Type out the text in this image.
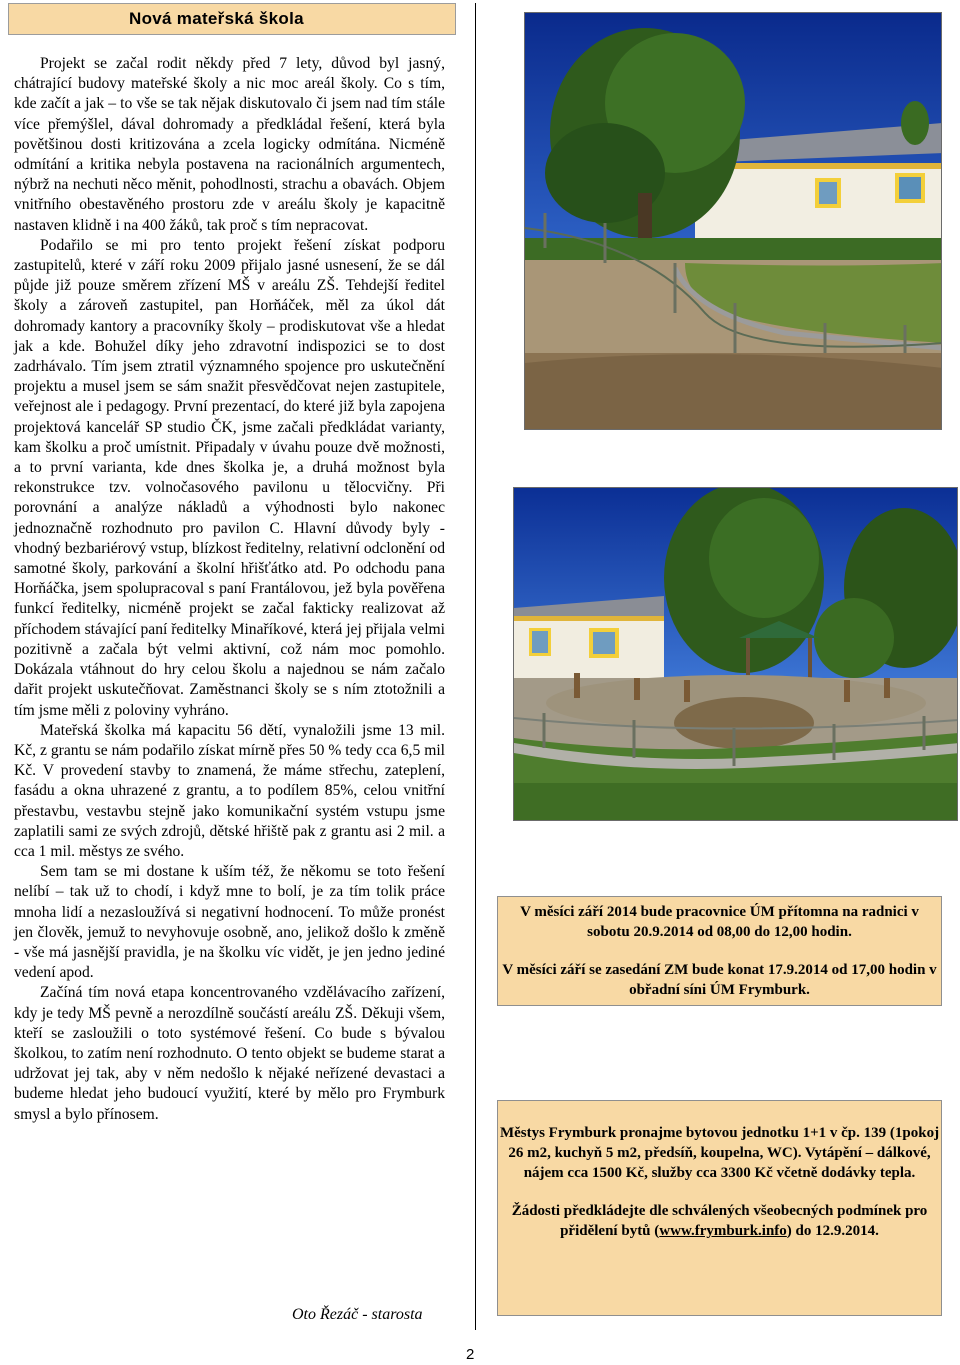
Nová mateřská škola

Projekt se začal rodit někdy před 7 lety, důvod byl jasný, chátrající budovy mateřské školy a nic moc areál školy. Co s tím, kde začít a jak – to vše se tak nějak diskutovalo či jsem nad tím stále více přemýšlel, dával dohromady a předkládal řešení, která byla povětšinou dosti kritizována a zcela logicky odmítána. Nicméně odmítání a kritika nebyla postavena na racionálních argumentech, nýbrž na nechuti něco měnit, pohodlnosti, strachu a obavách. Objem vnitřního obestavěného prostoru zde v areálu školy je kapacitně nastaven klidně i na 400 žáků, tak proč s tím nepracovat.

Podařilo se mi pro tento projekt řešení získat podporu zastupitelů, které v září roku 2009 přijalo jasné usnesení, že se dál půjde již pouze směrem zřízení MŠ v areálu ZŠ. Tehdejší ředitel školy a zároveň zastupitel, pan Horňáček, měl za úkol dát dohromady kantory a pracovníky školy – prodiskutovat vše a hledat jak a kde. Bohužel díky jeho zdravotní indispozici se to dost zadrhávalo. Tím jsem ztratil významného spojence pro uskutečnění projektu a musel jsem se sám snažit přesvědčovat nejen zastupitele, veřejnost ale i pedagogy. První prezentací, do které již byla zapojena projektová kancelář SP studio ČK, jsme začali předkládat varianty, kam školku a proč umístnit. Připadaly v úvahu pouze dvě možnosti, a to první varianta, kde dnes školka je, a druhá možnost byla rekonstrukce tzv. volnočasového pavilonu u tělocvičny. Při porovnání a analýze nákladů a výhodnosti bylo nakonec jednoznačně rozhodnuto pro pavilon C. Hlavní důvody byly - vhodný bezbariérový vstup, blízkost ředitelny, relativní odclonění od samotné školy, parkování a školní hřišťátko atd. Po odchodu pana Horňáčka, jsem spolupracoval s paní Frantálovou, jež byla pověřena funkcí ředitelky, nicméně projekt se začal fakticky realizovat až příchodem stávající paní ředitelky Minaříkové, která jej přijala velmi pozitivně a začala být velmi aktivní, což nám moc pomohlo. Dokázala vtáhnout do hry celou školu a najednou se nám začalo dařit projekt uskutečňovat. Zaměstnanci školy se s ním ztotožnili a tím jsme měli z poloviny vyhráno.

Mateřská školka má kapacitu 56 dětí, vynaložili jsme 13 mil. Kč, z grantu se nám podařilo získat mírně přes 50 % tedy cca 6,5 mil Kč. V provedení stavby to znamená, že máme střechu, zateplení, fasádu a okna uhrazené z grantu, a to podílem 85%, celou vnitřní přestavbu, vestavbu stejně jako komunikační systém vstupu jsme zaplatili sami ze svých zdrojů, dětské hřiště pak z grantu asi 2 mil. a cca 1 mil. městys ze svého.

Sem tam se mi dostane k uším též, že někomu se toto řešení nelíbí – tak už to chodí, i když mne to bolí, je za tím tolik práce mnoha lidí a nezasloužívá si negativní hodnocení. To může pronést jen člověk, jemuž to nevyhovuje osobně, ano, jelikož došlo k změně - vše má jasnější pravidla, je na školku víc vidět, je jen jedno jediné vedení apod.

Začíná tím nová etapa koncentrovaného vzdělávacího zařízení, kdy je tedy MŠ pevně a nerozdílně součástí areálu ZŠ. Děkuji všem, kteří se zasloužili o toto systémové řešení. Co bude s bývalou školkou, to zatím není rozhodnuto. O tento objekt se budeme starat a udržovat jej tak, aby v něm nedošlo k nějaké neřízené devastaci a budeme hledat jeho budoucí využití, které by mělo pro Frymburk smysl a bylo přínosem.

Oto Řezáč - starosta
2
V měsíci září 2014 bude pracovnice ÚM přítomna na radnici v sobotu 20.9.2014 od 08,00 do 12,00 hodin.
V měsíci září se zasedání ZM bude konat 17.9.2014 od 17,00 hodin v obřadní síni ÚM Frymburk.
Městys Frymburk pronajme bytovou jednotku 1+1 v čp. 139 (1pokoj 26 m2, kuchyň 5 m2, předsíň, koupelna, WC). Vytápění – dálkové, nájem cca 1500 Kč, služby cca 3300 Kč včetně dodávky tepla.
Žádosti předkládejte dle schválených všeobecných podmínek pro přidělení bytů (www.frymburk.info) do 12.9.2014.
